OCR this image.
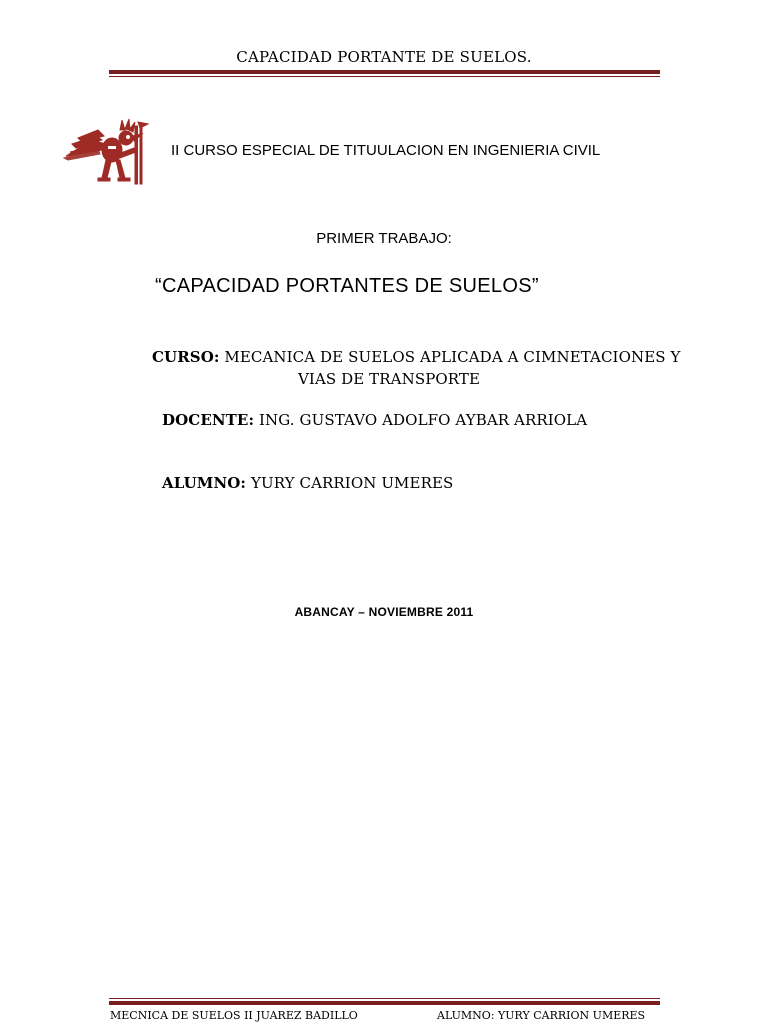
CAPACIDAD PORTANTE DE SUELOS.
II CURSO ESPECIAL DE TITUULACION EN INGENIERIA CIVIL
PRIMER TRABAJO:
“CAPACIDAD PORTANTES DE SUELOS”
CURSO: MECANICA DE SUELOS APLICADA A CIMNETACIONES Y
VIAS DE TRANSPORTE
DOCENTE: ING. GUSTAVO ADOLFO AYBAR ARRIOLA
ALUMNO: YURY CARRION UMERES
ABANCAY – NOVIEMBRE 2011
MECNICA DE SUELOS II JUAREZ BADILLO	ALUMNO: YURY CARRION UMERES
